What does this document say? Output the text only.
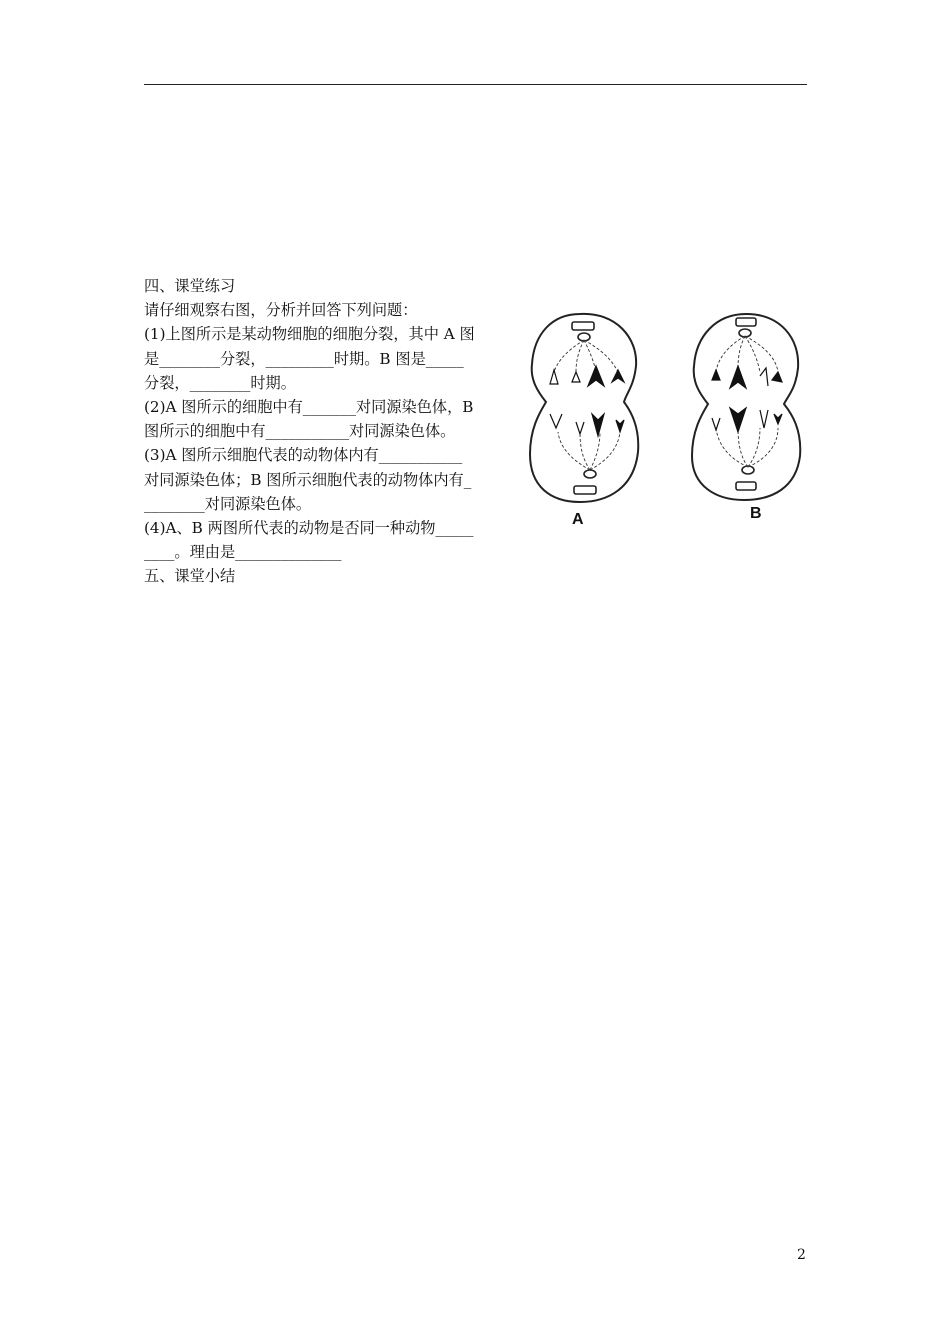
四、课堂练习

请仔细观察右图，分析并回答下列问题：

(1)上图所示是某动物细胞的细胞分裂，其中 A 图

是________分裂，_________时期。B 图是_____

分裂，________时期。

(2)A 图所示的细胞中有_______对同源染色体，B

图所示的细胞中有___________对同源染色体。

(3)A 图所示细胞代表的动物体内有___________

对同源染色体；B 图所示细胞代表的动物体内有_

________对同源染色体。

(4)A、B 两图所代表的动物是否同一种动物_____

____。理由是______________

五、课堂小结

A	B
2
